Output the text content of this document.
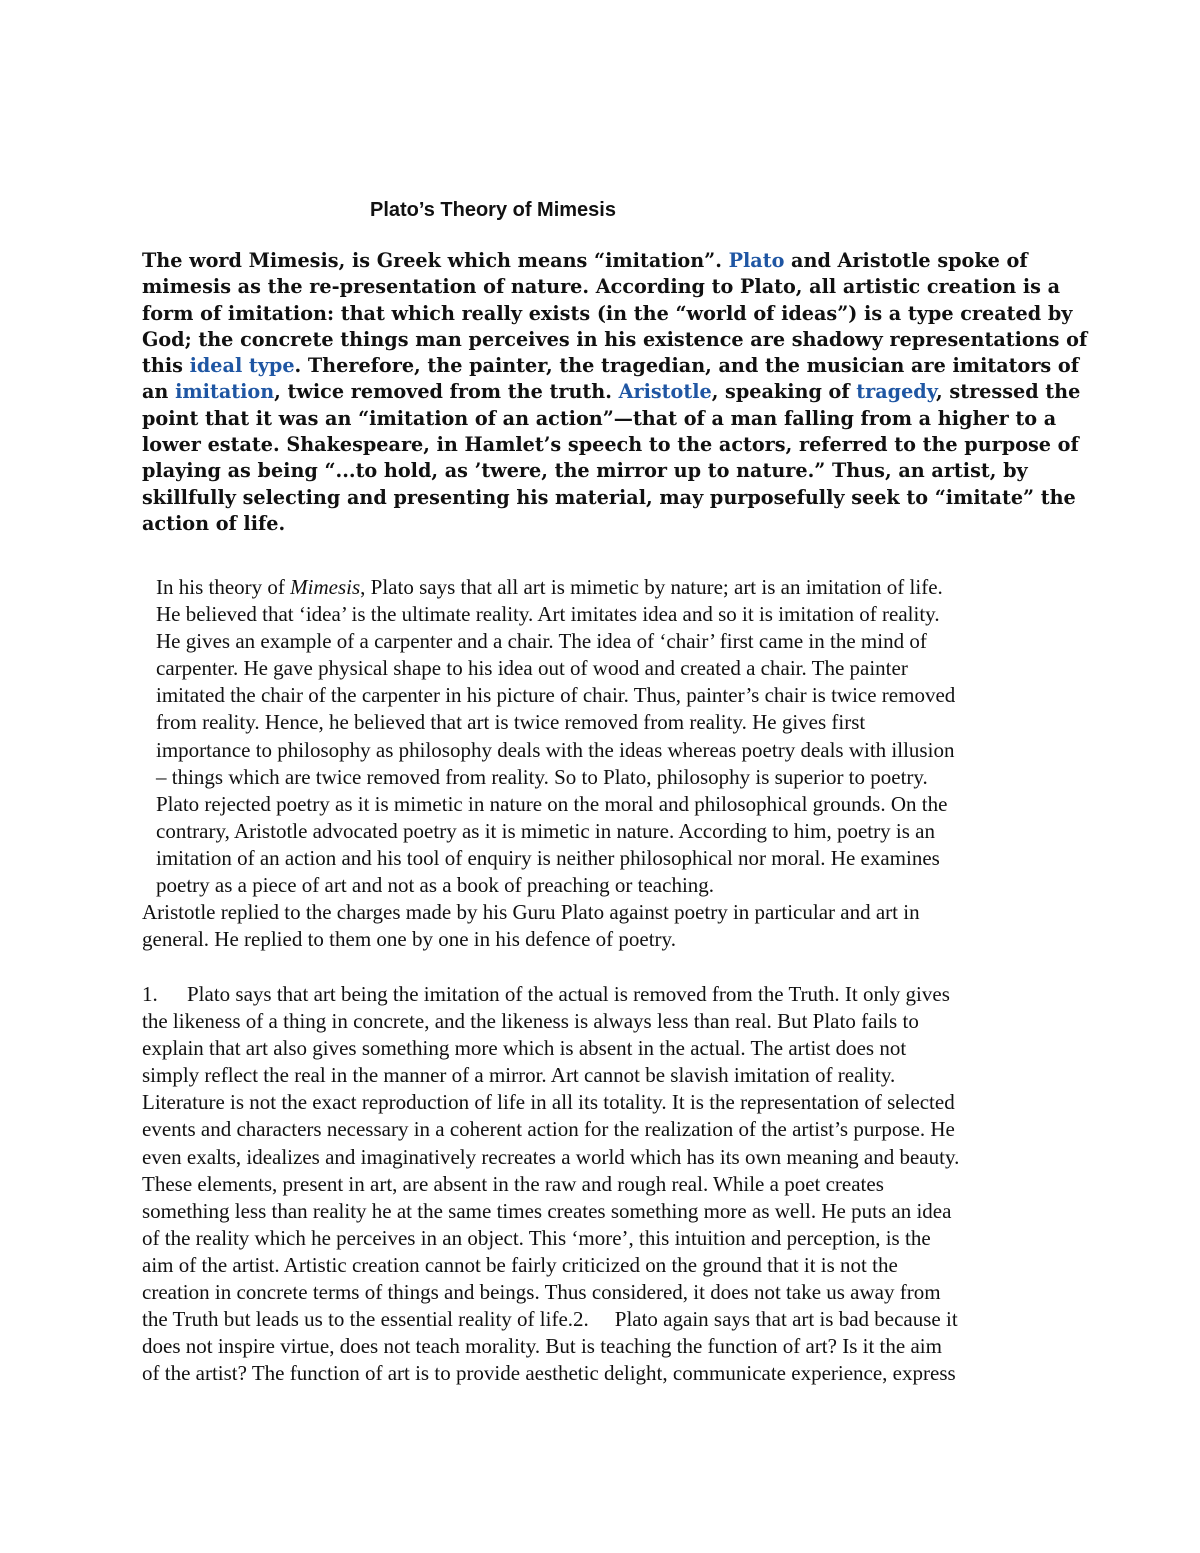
Plato’s Theory of Mimesis
The word Mimesis, is Greek which means “imitation”. Plato and Aristotle spoke of
mimesis as the re-presentation of nature. According to Plato, all artistic creation is a
form of imitation: that which really exists (in the “world of ideas”) is a type created by
God; the concrete things man perceives in his existence are shadowy representations of
this ideal type. Therefore, the painter, the tragedian, and the musician are imitators of
an imitation, twice removed from the truth. Aristotle, speaking of tragedy, stressed the
point that it was an “imitation of an action”—that of a man falling from a higher to a
lower estate. Shakespeare, in Hamlet’s speech to the actors, referred to the purpose of
playing as being “...to hold, as ’twere, the mirror up to nature.” Thus, an artist, by
skillfully selecting and presenting his material, may purposefully seek to “imitate” the
action of life.
In his theory of Mimesis, Plato says that all art is mimetic by nature; art is an imitation of life.
He believed that ‘idea’ is the ultimate reality. Art imitates idea and so it is imitation of reality.
He gives an example of a carpenter and a chair. The idea of ‘chair’ first came in the mind of
carpenter. He gave physical shape to his idea out of wood and created a chair. The painter
imitated the chair of the carpenter in his picture of chair. Thus, painter’s chair is twice removed
from reality. Hence, he believed that art is twice removed from reality. He gives first
importance to philosophy as philosophy deals with the ideas whereas poetry deals with illusion
– things which are twice removed from reality. So to Plato, philosophy is superior to poetry.
Plato rejected poetry as it is mimetic in nature on the moral and philosophical grounds. On the
contrary, Aristotle advocated poetry as it is mimetic in nature. According to him, poetry is an
imitation of an action and his tool of enquiry is neither philosophical nor moral. He examines
poetry as a piece of art and not as a book of preaching or teaching.
Aristotle replied to the charges made by his Guru Plato against poetry in particular and art in
general. He replied to them one by one in his defence of poetry.
1. Plato says that art being the imitation of the actual is removed from the Truth. It only gives
the likeness of a thing in concrete, and the likeness is always less than real. But Plato fails to
explain that art also gives something more which is absent in the actual. The artist does not
simply reflect the real in the manner of a mirror. Art cannot be slavish imitation of reality.
Literature is not the exact reproduction of life in all its totality. It is the representation of selected
events and characters necessary in a coherent action for the realization of the artist’s purpose. He
even exalts, idealizes and imaginatively recreates a world which has its own meaning and beauty.
These elements, present in art, are absent in the raw and rough real. While a poet creates
something less than reality he at the same times creates something more as well. He puts an idea
of the reality which he perceives in an object. This ‘more’, this intuition and perception, is the
aim of the artist. Artistic creation cannot be fairly criticized on the ground that it is not the
creation in concrete terms of things and beings. Thus considered, it does not take us away from
the Truth but leads us to the essential reality of life.2. Plato again says that art is bad because it
does not inspire virtue, does not teach morality. But is teaching the function of art? Is it the aim
of the artist? The function of art is to provide aesthetic delight, communicate experience, express
